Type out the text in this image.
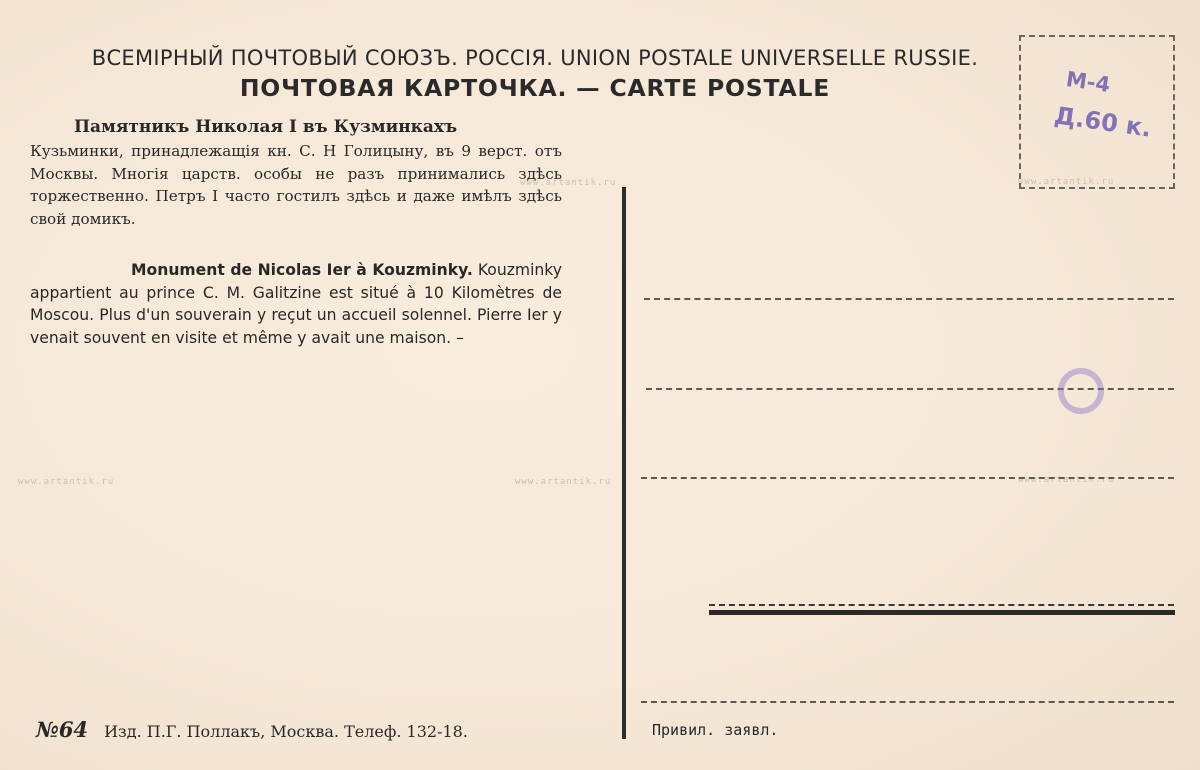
www.artantik.ru	www.artantik.ru
www.artantik.ru
www.artantik.ru
www.artantik.ru
ВСЕМIРНЫЙ ПОЧТОВЫЙ СОЮЗЪ. РОССIЯ. UNION POSTALE UNIVERSELLE RUSSIE.
ПОЧТОВАЯ КАРТОЧКА. — CARTE POSTALE	М-4
Д.60 к.
Памятникъ Николая I въ Кузминкахъ
Кузьминки, принадлежащiя кн. С. Н Голицыну, въ 9 верст. отъ Москвы. Многiя царств. особы не разъ принимались здѣсь торжественно. Петръ I часто гостилъ здѣсь и даже имѣлъ здѣсь свой домикъ.
Monument de Nicolas Ier à Kouzminky. Kouzminky appartient au prince C. M. Galitzine est situé à 10 Kilomètres de Moscou. Plus d'un souverain y reçut un accueil solennel. Pierre Ier y venait souvent en visite et même y avait une maison. –
№64 Изд. П.Г. Поллакъ, Москва. Телеф. 132-18.	Привил. заявл.
